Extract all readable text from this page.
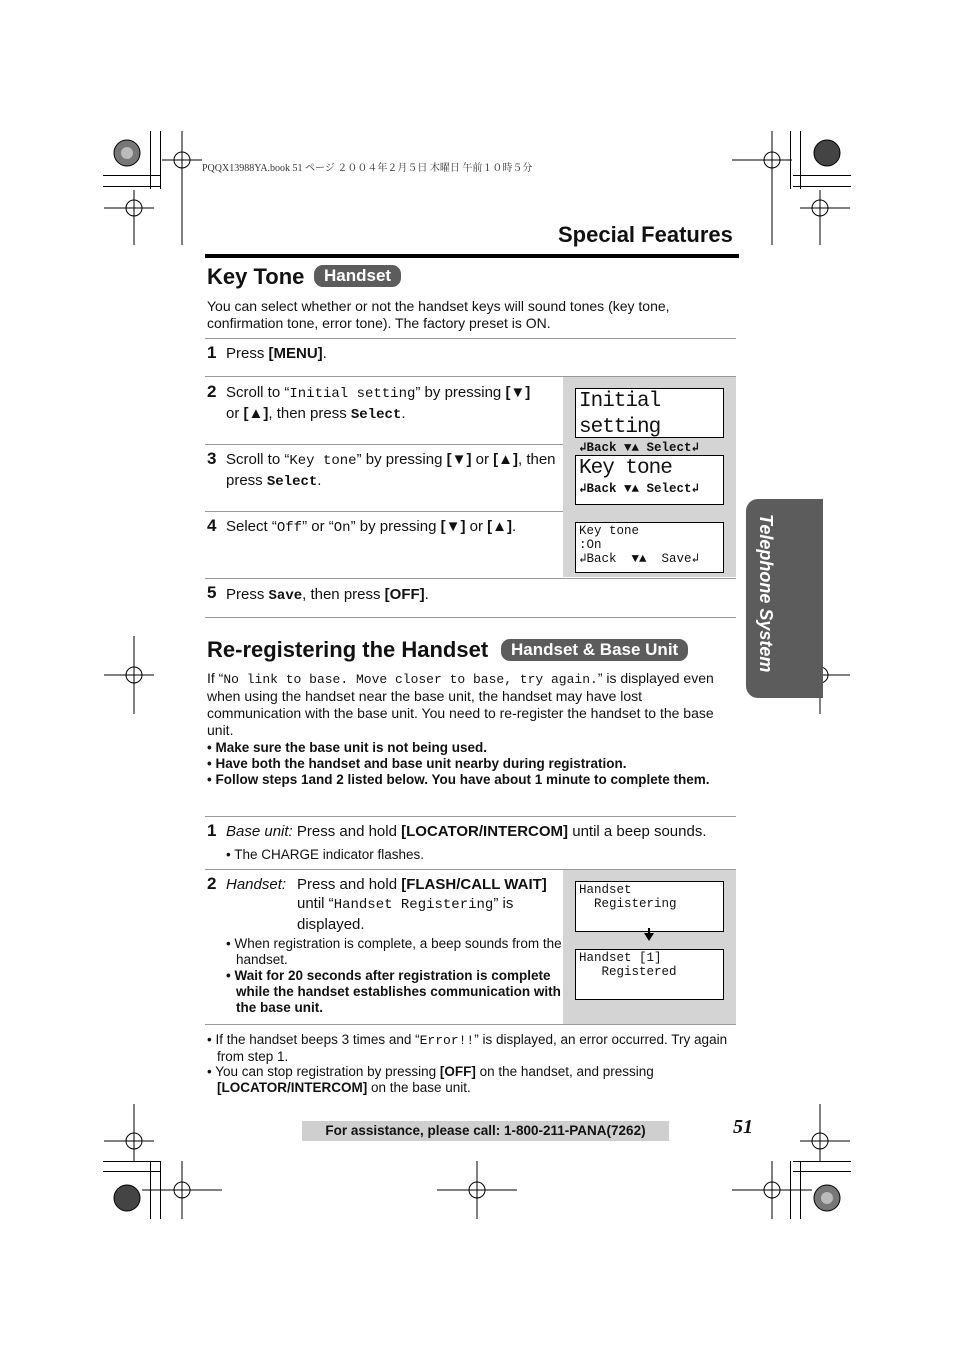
PQQX13988YA.book 51 ページ ２００４年２月５日 木曜日 午前１０時５分
Special Features
Telephone System
Key Tone	Handset
You can select whether or not the handset keys will sound tones (key tone, confirmation tone, error tone). The factory preset is ON.
1 Press [MENU].
2 Scroll to “Initial setting” by pressing [▼]
or [▲], then press Select.
Initial setting
↲Back ▼▲ Select↲
3 Scroll to “Key tone” by pressing [▼] or [▲], then press Select.
Key tone
↲Back ▼▲ Select↲
4 Select “Off” or “On” by pressing [▼] or [▲].	Key tone
:On
↲Back  ▼▲  Save↲
5 Press Save, then press [OFF].
Re-registering the Handset	Handset & Base Unit
If “No link to base. Move closer to base, try again.” is displayed even when using the handset near the base unit, the handset may have lost communication with the base unit. You need to re-register the handset to the base unit.
• Make sure the base unit is not being used.
• Have both the handset and base unit nearby during registration.
• Follow steps 1and 2 listed below. You have about 1 minute to complete them.
1 Base unit: Press and hold [LOCATOR/INTERCOM] until a beep sounds.
• The CHARGE indicator flashes.
2 Handset: Press and hold [FLASH/CALL WAIT] until “Handset Registering” is displayed.
• When registration is complete, a beep sounds from the handset.
• Wait for 20 seconds after registration is complete while the handset establishes communication with the base unit.
Handset
Registering
Handset [1]
Registered
• If the handset beeps 3 times and “Error!!” is displayed, an error occurred. Try again from step 1.
• You can stop registration by pressing [OFF] on the handset, and pressing [LOCATOR/INTERCOM] on the base unit.
For assistance, please call: 1-800-211-PANA(7262)	51
